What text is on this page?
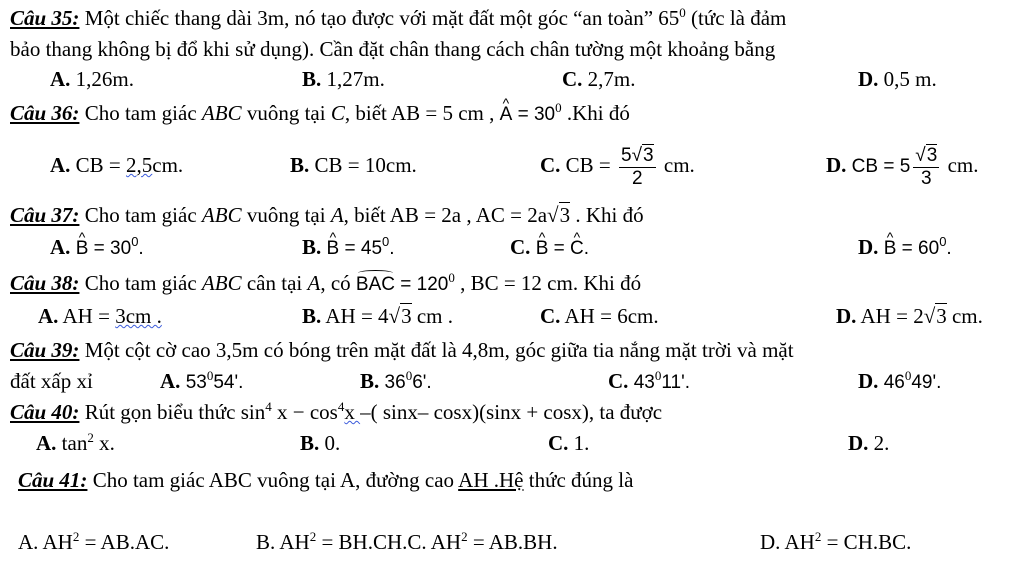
Câu 35: Một chiếc thang dài 3m, nó tạo được với mặt đất một góc “an toàn” $65^0$ (tức là đảm
bảo thang không bị đổ khi sử dụng). Cần đặt chân thang cách chân tường một khoảng bằng
A. 1,26m.	B. 1,27m.	C. 2,7m.	D. 0,5 m.
Câu 36: Cho tam giác ABC vuông tại C, biết AB = 5 cm , ^ $A = 30^0$ .Khi đó
A. CB = 2,5cm.	B. CB = 10cm.	C. CB = $\frac{5√3}{2}$ cm.	D. CB = $5 \frac{√3}{3}$ cm.
Câu 37: Cho tam giác ABC vuông tại A, biết AB = 2a , AC = 2a√3 . Khi đó
A. ^ $B = 30^0$.	B. ^ $B = 45^0$.	C. ^ B = ^ C.	D. ^ $B = 60^0$.
Câu 38: Cho tam giác ABC cân tại A, có BAC = $120^0$ , BC = 12 cm. Khi đó
A. AH = 3cm .	B. AH = 4√3 cm .	C. AH = 6cm.	D. AH = 2√3 cm.
Câu 39: Một cột cờ cao 3,5m có bóng trên mặt đất là 4,8m, góc giữa tia nắng mặt trời và mặt
đất xấp xỉ	A. $53^054'$.	B. $36^06'$.	C. $43^011'$.	D. $46^049'$.
Câu 40: Rút gọn biểu thức $\sin^4 x - \cos^4x$ –( sinx– cosx)(sinx + cosx), ta được
A. $\tan^2 x$.	B. 0.	C. 1.	D. 2.
Câu 41: Cho tam giác ABC vuông tại A, đường cao AH .Hệ thức đúng là
A. $AH^2 = AB.AC$.	B. $AH^2 = BH.CH.C$. $AH^2 = AB.BH$.	D. $AH^2 = CH.BC$.
